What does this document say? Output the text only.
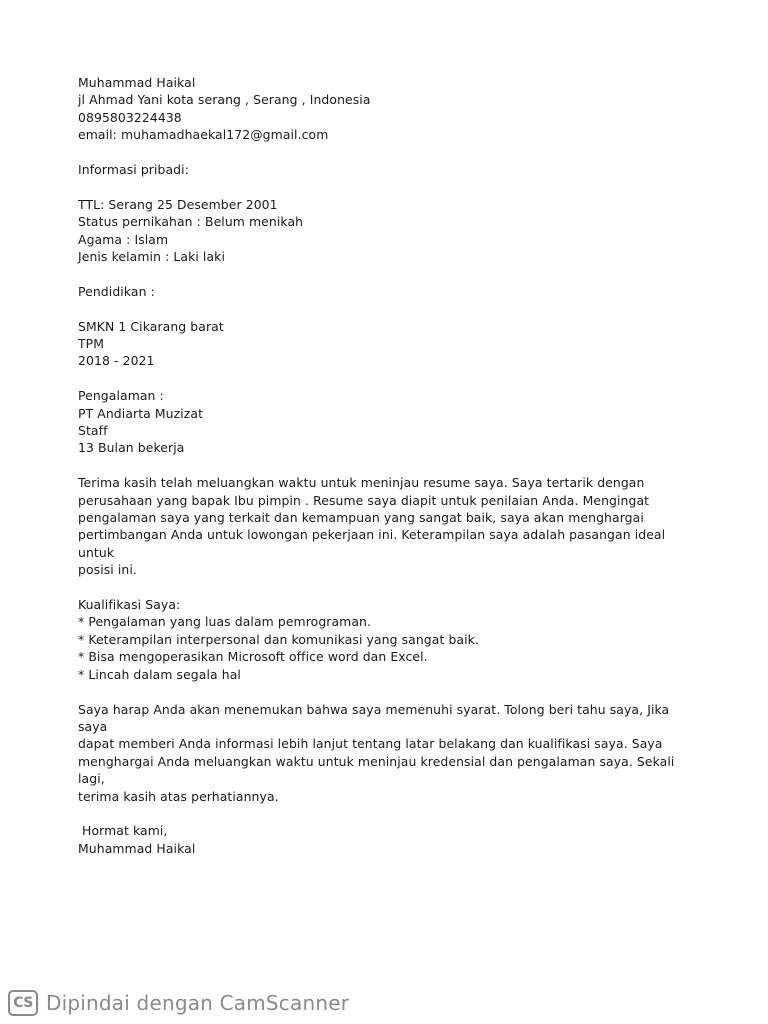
Muhammad Haikal

jl Ahmad Yani kota serang , Serang , Indonesia

0895803224438

email: muhamadhaekal172@gmail.com

Informasi pribadi:

TTL: Serang 25 Desember 2001

Status pernikahan : Belum menikah

Agama : Islam

Jenis kelamin : Laki laki

Pendidikan :

SMKN 1 Cikarang barat

TPM

2018 - 2021

Pengalaman :

PT Andiarta Muzizat

Staff

13 Bulan bekerja

Terima kasih telah meluangkan waktu untuk meninjau resume saya. Saya tertarik dengan

perusahaan yang bapak Ibu pimpin . Resume saya diapit untuk penilaian Anda. Mengingat

pengalaman saya yang terkait dan kemampuan yang sangat baik, saya akan menghargai

pertimbangan Anda untuk lowongan pekerjaan ini. Keterampilan saya adalah pasangan ideal untuk

posisi ini.

Kualifikasi Saya:

* Pengalaman yang luas dalam pemrograman.

* Keterampilan interpersonal dan komunikasi yang sangat baik.

* Bisa mengoperasikan Microsoft office word dan Excel.

* Lincah dalam segala hal

Saya harap Anda akan menemukan bahwa saya memenuhi syarat. Tolong beri tahu saya, Jika saya

dapat memberi Anda informasi lebih lanjut tentang latar belakang dan kualifikasi saya. Saya

menghargai Anda meluangkan waktu untuk meninjau kredensial dan pengalaman saya. Sekali lagi,

terima kasih atas perhatiannya.

Hormat kami,

Muhammad Haikal

CS Dipindai dengan CamScanner
